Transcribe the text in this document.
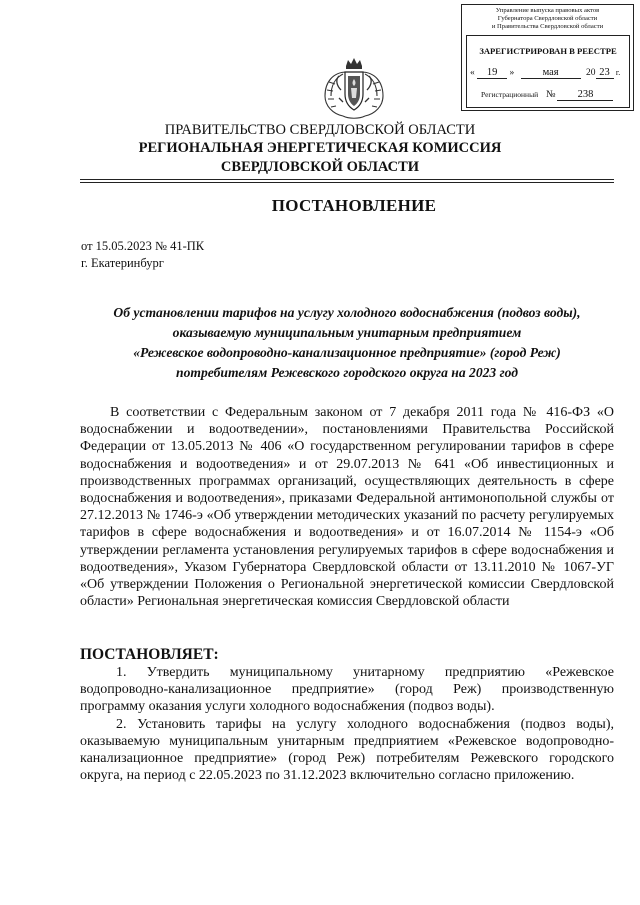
Управление выпуска правовых актов
Губернатора Свердловской области
и Правительства Свердловской области
ЗАРЕГИСТРИРОВАН В РЕЕСТРЕ
« 19 »	мая	20 23 г.
Регистрационный № 238
ПРАВИТЕЛЬСТВО СВЕРДЛОВСКОЙ ОБЛАСТИ
РЕГИОНАЛЬНАЯ ЭНЕРГЕТИЧЕСКАЯ КОМИССИЯ
СВЕРДЛОВСКОЙ ОБЛАСТИ
ПОСТАНОВЛЕНИЕ
от 15.05.2023 № 41-ПК
г. Екатеринбург
Об установлении тарифов на услугу холодного водоснабжения (подвоз воды),
оказываемую муниципальным унитарным предприятием
«Режевское водопроводно-канализационное предприятие» (город Реж)
потребителям Режевского городского округа на 2023 год

В соответствии с Федеральным законом от 7 декабря 2011 года № 416-ФЗ «О водоснабжении и водоотведении», постановлениями Правительства Российской Федерации от 13.05.2013 № 406 «О государственном регулировании тарифов в сфере водоснабжения и водоотведения» и от 29.07.2013 № 641 «Об инвестиционных и производственных программах организаций, осуществляющих деятельность в сфере водоснабжения и водоотведения», приказами Федеральной антимонопольной службы от 27.12.2013 № 1746-э «Об утверждении методических указаний по расчету регулируемых тарифов в сфере водоснабжения и водоотведения» и от 16.07.2014 № 1154-э «Об утверждении регламента установления регулируемых тарифов в сфере водоснабжения и водоотведения», Указом Губернатора Свердловской области от 13.11.2010 № 1067-УГ «Об утверждении Положения о Региональной энергетической комиссии Свердловской области» Региональная энергетическая комиссия Свердловской области

ПОСТАНОВЛЯЕТ:

1. Утвердить муниципальному унитарному предприятию «Режевское водопроводно-канализационное предприятие» (город Реж) производственную программу оказания услуги холодного водоснабжения (подвоз воды).

2. Установить тарифы на услугу холодного водоснабжения (подвоз воды), оказываемую муниципальным унитарным предприятием «Режевское водопроводно-канализационное предприятие» (город Реж) потребителям Режевского городского округа, на период с 22.05.2023 по 31.12.2023 включительно согласно приложению.
